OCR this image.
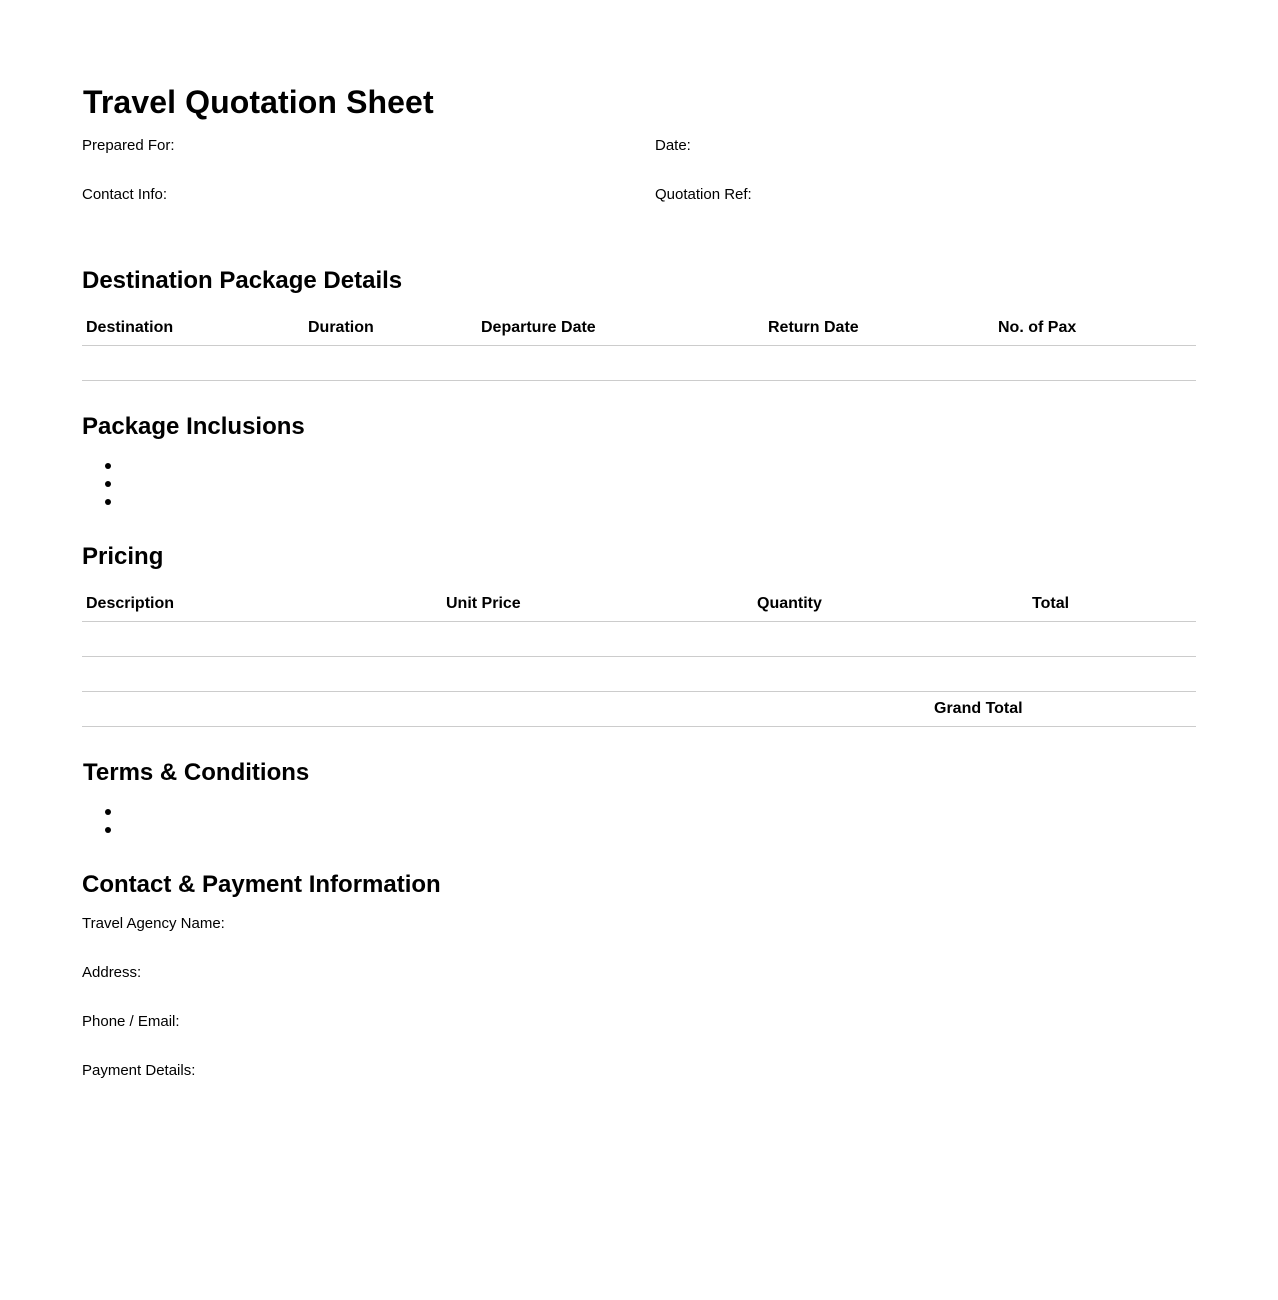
Travel Quotation Sheet
Prepared For:	Date:
Contact Info:	Quotation Ref:
Destination Package Details
Destination	Duration	Departure Date	Return Date	No. of Pax
Package Inclusions
Pricing
Description	Unit Price	Quantity	Total
Grand Total
Terms & Conditions
Contact & Payment Information
Travel Agency Name:
Address:
Phone / Email:
Payment Details:
